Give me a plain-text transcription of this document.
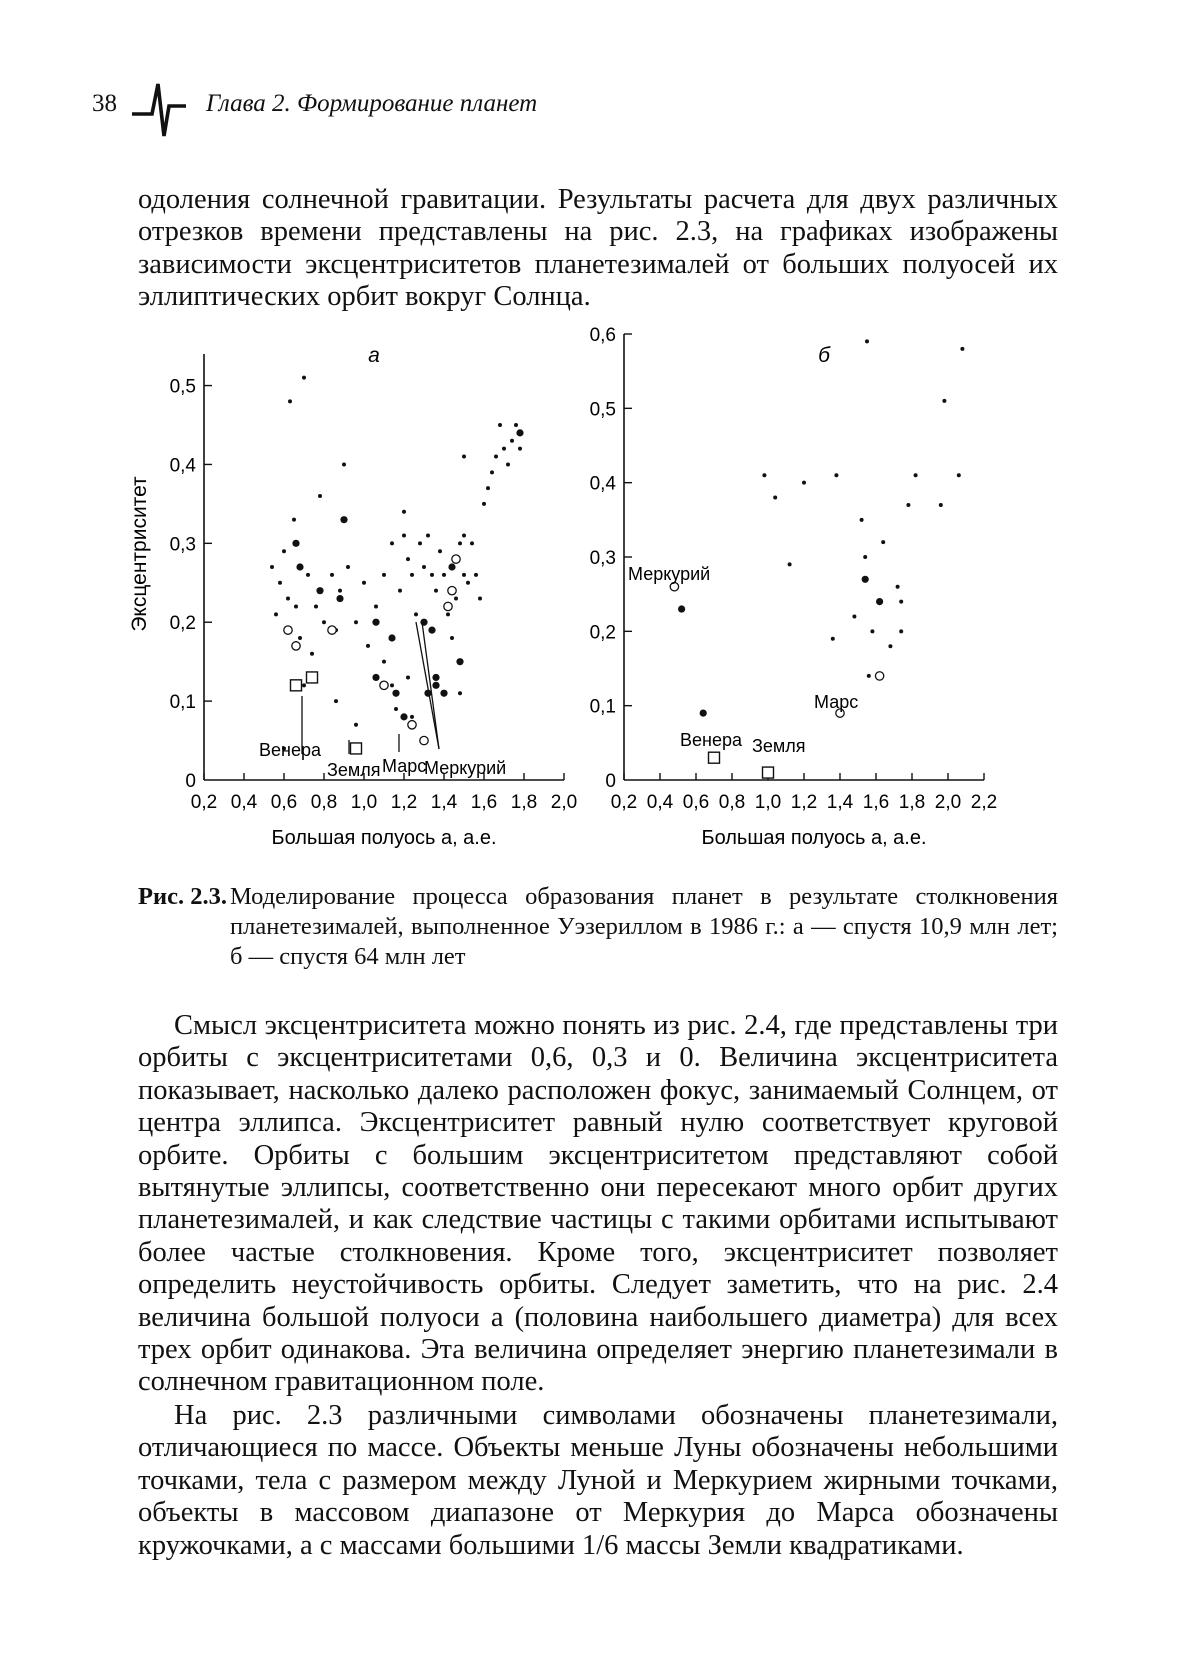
38	Глава 2. Формирование планет

одоления солнечной гравитации. Результаты расчета для двух различных отрезков времени представлены на рис. 2.3, на графиках изображены зависимости эксцентриситетов планетезималей от больших полуосей их эллиптических орбит вокруг Солнца.

Эксцентриситет
а
Большая полуось a, а.е.
0,2 0,4 0,6 0,8 1,0 1,2 1,4 1,6 1,8 2,0
0
0,1
0,2
0,3
0,4
0,5
Венера
Земля Марс
Меркурий
б
Большая полуось a, а.е.
0,2 0,4 0,6 0,8 1,0 1,2 1,4 1,6 1,8 2,0 2,2
0
0,1
0,2
0,3
0,4
0,5
0,6
Меркурий
Венера Земля
Марс
Рис. 2.3. Моделирование процесса образования планет в результате столкновения планетезималей, выполненное Уэзериллом в 1986 г.: а — спустя 10,9 млн лет; б — спустя 64 млн лет

Смысл эксцентриситета можно понять из рис. 2.4, где представлены три орбиты с эксцентриситетами 0,6, 0,3 и 0. Величина эксцентриситета показывает, насколько далеко расположен фокус, занимаемый Солнцем, от центра эллипса. Эксцентриситет равный нулю соответствует круговой орбите. Орбиты с большим эксцентриситетом представляют собой вытянутые эллипсы, соответственно они пересекают много орбит других планетезималей, и как следствие частицы с такими орбитами испытывают более частые столкновения. Кроме того, эксцентриситет позволяет определить неустойчивость орбиты. Следует заметить, что на рис. 2.4 величина большой полуоси a (половина наибольшего диаметра) для всех трех орбит одинакова. Эта величина определяет энергию планетезимали в солнечном гравитационном поле.

На рис. 2.3 различными символами обозначены планетезимали, отличающиеся по массе. Объекты меньше Луны обозначены небольшими точками, тела с размером между Луной и Меркурием жирными точками, объекты в массовом диапазоне от Меркурия до Марса обозначены кружочками, а с массами большими 1/6 массы Земли квадратиками.
